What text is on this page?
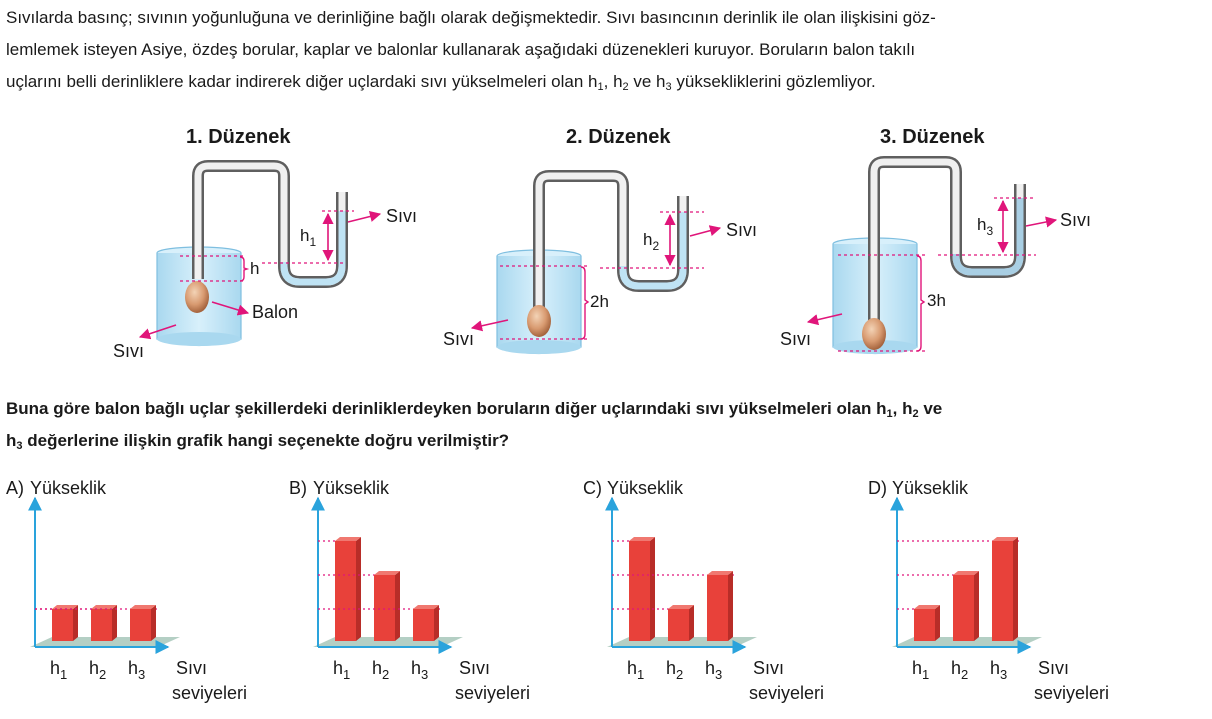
Sıvılarda basınç; sıvının yoğunluğuna ve derinliğine bağlı olarak değişmektedir. Sıvı basıncının derinlik ile olan ilişkisini göz-
lemlemek isteyen Asiye, özdeş borular, kaplar ve balonlar kullanarak aşağıdaki düzenekleri kuruyor. Boruların balon takılı
uçlarını belli derinliklere kadar indirerek diğer uçlardaki sıvı yükselmeleri olan $h_1$, $h_2$ ve $h_3$ yüksekliklerini gözlemliyor.
1. Düzenek
h
$h_1$
Sıvı
Balon
Sıvı
2. Düzenek
2h
$h_2$
Sıvı
Sıvı
3. Düzenek
3h
$h_3$
Sıvı
Sıvı
A) Yükseklik
$h_1$ $h_2$ $h_3$ Sıvı
seviyeleri
B) Yükseklik
$h_1$ $h_2$ $h_3$ Sıvı
seviyeleri
C) Yükseklik
$h_1$ $h_2$ $h_3$ Sıvı
seviyeleri
D) Yükseklik
$h_1$ $h_2$ $h_3$ Sıvı
seviyeleri
Buna göre balon bağlı uçlar şekillerdeki derinliklerdeyken boruların diğer uçlarındaki sıvı yükselmeleri olan $h_1$, $h_2$ ve
$h_3$ değerlerine ilişkin grafik hangi seçenekte doğru verilmiştir?
